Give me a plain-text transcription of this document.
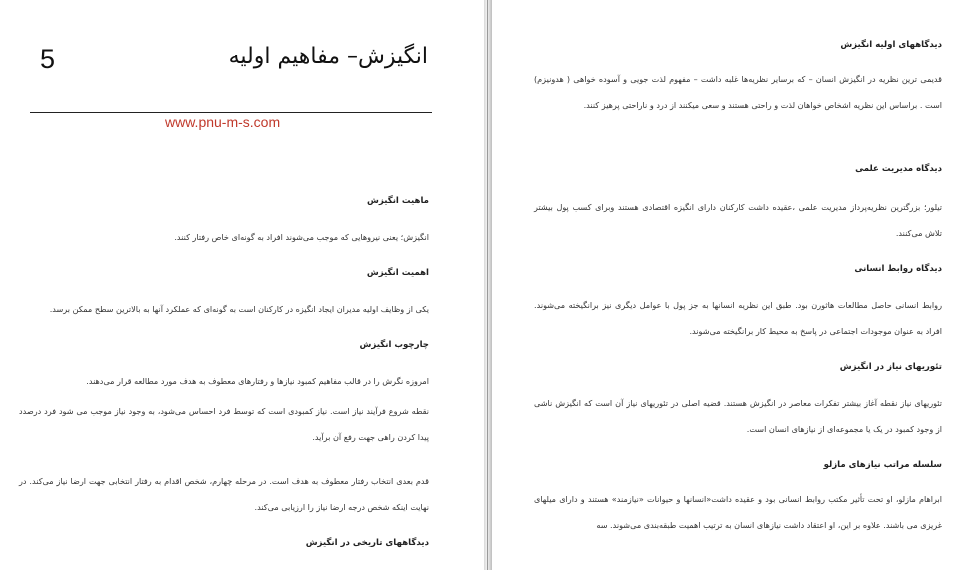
5	انگیزش– مفاهیم اولیه
www.pnu-m-s.com
ماهیت انگیزش
انگیزش؛ یعنی نیروهایی که موجب می‌شوند افراد به گونه‌ای خاص رفتار کنند.
اهمیت انگیزش
یکی از وظایف اولیه مدیران ایجاد انگیزه در کارکنان است به گونه‌ای که عملکرد آنها به بالاترین سطح ممکن برسد.
چارچوب انگیزش
امروزه نگرش را در قالب مفاهیم کمبود نیازها و رفتارهای معطوف به هدف مورد مطالعه قرار می‌دهند.
نقطه شروع فرآیند نیاز است. نیاز کمبودی است که توسط فرد احساس می‌شود، به وجود نیاز موجب می شود فرد درصدد پیدا کردن راهی جهت رفع آن برآید.
قدم بعدی انتخاب رفتار معطوف به هدف است. در مرحله چهارم، شخص اقدام به رفتار انتخابی جهت ارضا نیاز می‌کند. در نهایت اینکه شخص درجه ارضا نیاز را ارزیابی می‌کند.
دیدگاههای تاریخی در انگیزش
دیدگاههای اولیه انگیزش
قدیمی ترین نظریه در انگیزش انسان – که برسایر نظریه‌ها غلبه داشت – مفهوم لذت جویی و آسوده خواهی ( هدونیزم) است . براساس این نظریه اشخاص خواهان لذت و راحتی هستند و سعی میکنند از درد و ناراحتی پرهیز کنند.
دیدگاه مدیریت علمی
تیلور؛ بزرگترین نظریه‌پرداز مدیریت علمی ،عقیده داشت کارکنان دارای انگیزه اقتصادی هستند وبرای کسب پول بیشتر تلاش می‌کنند.
دیدگاه روابط انسانی
روابط انسانی حاصل مطالعات هاثورن بود. طبق این نظریه انسانها به جز پول با عوامل دیگری نیز برانگیخته می‌شوند. افراد به عنوان موجودات اجتماعی در پاسخ به محیط کار برانگیخته می‌شوند.
تئوریهای نیاز در انگیزش
تئوریهای نیاز نقطه آغاز بیشتر تفکرات معاصر در انگیزش هستند. قضیه اصلی در تئوریهای نیاز آن است که انگیزش ناشی از وجود کمبود در یک یا مجموعه‌ای از نیازهای انسان است.
سلسله مراتب نیازهای مازلو
ابراهام مازلو، او تحت تأثیر مکتب روابط انسانی بود و عقیده داشت«انسانها و حیوانات «نیازمند» هستند و دارای میلهای غریزی می باشند. علاوه بر این، او اعتقاد داشت نیازهای انسان به ترتیب اهمیت طبقه‌بندی می‌شوند. سه
